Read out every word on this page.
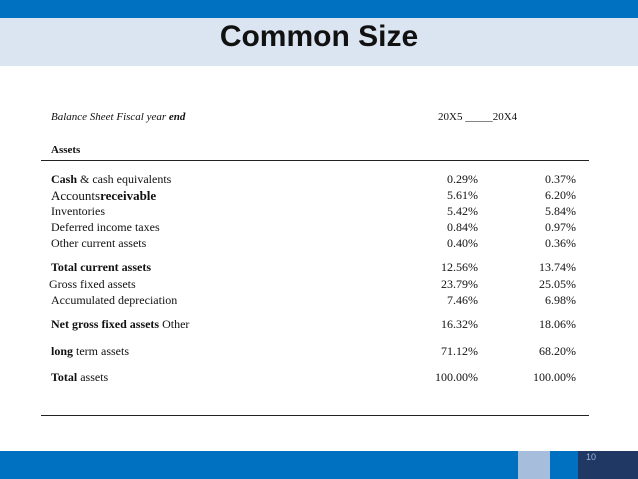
Common Size
Balance Sheet Fiscal year end	20X5 _____20X4
Assets
Cash & cash equivalents	0.29%	0.37%
Accountsreceivable	5.61%	6.20%
Inventories	5.42%	5.84%
Deferred income taxes	0.84%	0.97%
Other current assets	0.40%	0.36%
Total current assets	12.56%	13.74%
Gross fixed assets	23.79%	25.05%
Accumulated depreciation	7.46%	6.98%
Net gross fixed assets Other	16.32%	18.06%
long term assets	71.12%	68.20%
Total assets	100.00%	100.00%
10
